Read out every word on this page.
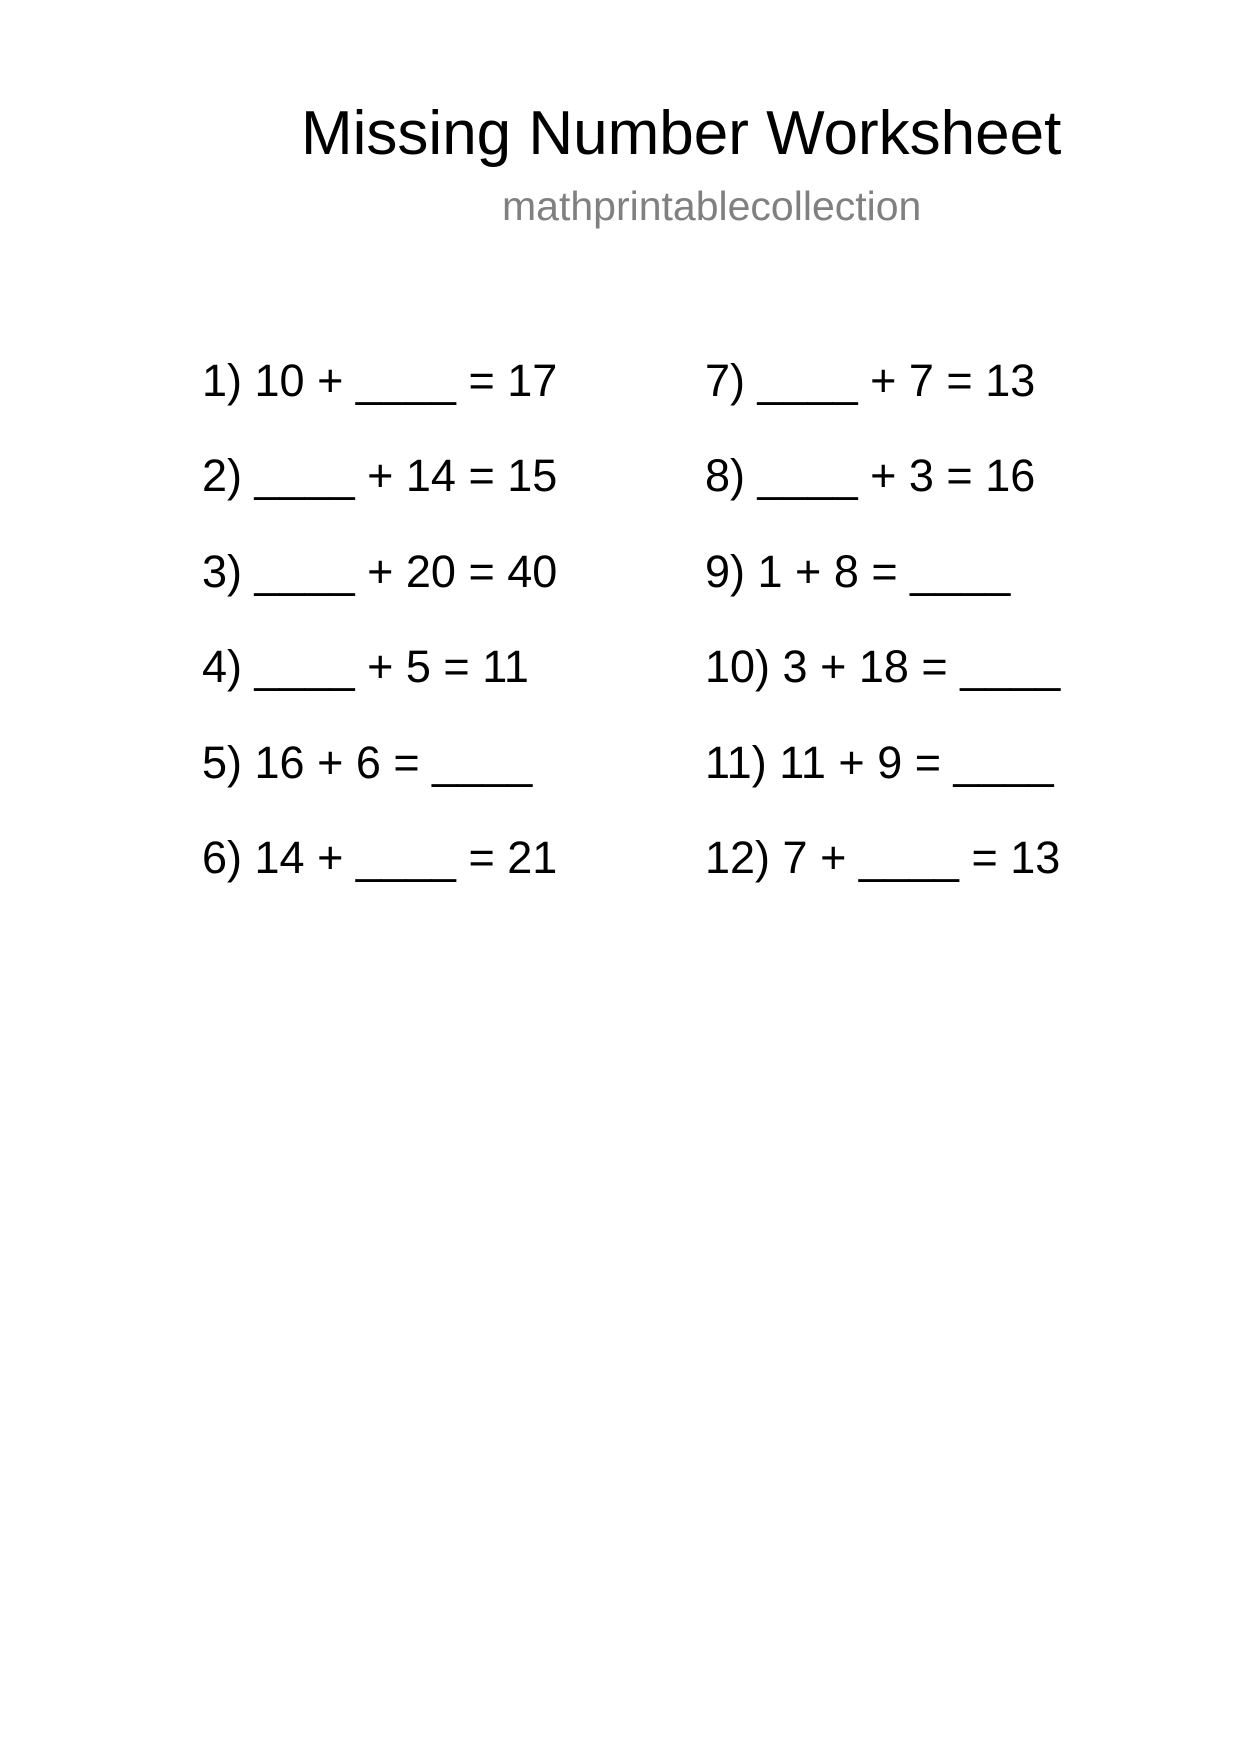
Missing Number Worksheet
mathprintablecollection
1) 10 + ____ = 17
2) ____ + 14 = 15
3) ____ + 20 = 40
4) ____ + 5 = 11
5) 16 + 6 = ____
6) 14 + ____ = 21
7) ____ + 7 = 13
8) ____ + 3 = 16
9) 1 + 8 = ____
10) 3 + 18 = ____
11) 11 + 9 = ____
12) 7 + ____ = 13
